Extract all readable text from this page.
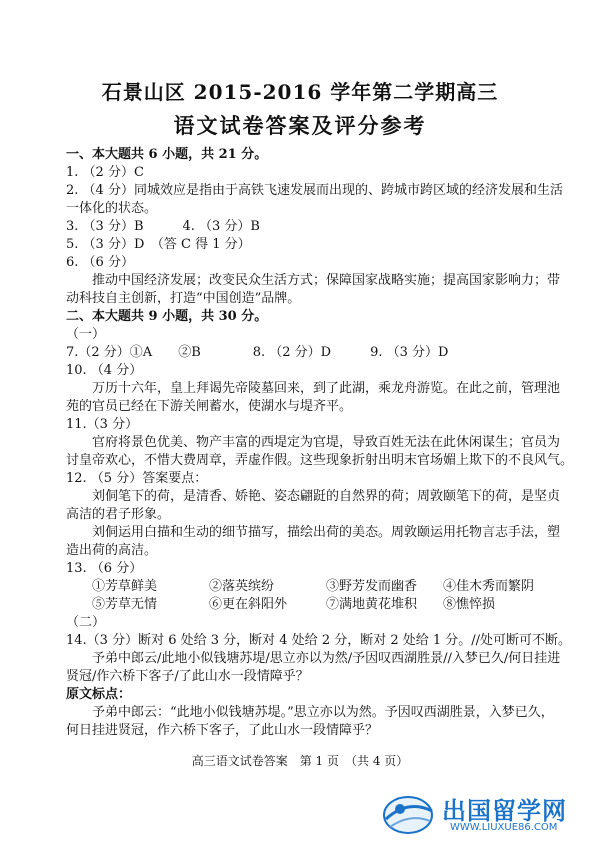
石景山区 2015-2016 学年第二学期高三
语文试卷答案及评分参考
一、本大题共 6 小题，共 21 分。
1. （2 分）C
2. （4 分）同城效应是指由于高铁飞速发展而出现的、跨城市跨区域的经济发展和生活
一体化的状态。
3. （3 分）B　　　4. （3 分）B
5. （3 分）D　（答 C 得 1 分）
6. （6 分）
推动中国经济发展；改变民众生活方式；保障国家战略实施；提高国家影响力；带
动科技自主创新，打造“中国创造”品牌。
二、本大题共 9 小题，共 30 分。
（一）
7.（2 分）①A　　②B　　　　8. （2 分）D　　　9. （3 分）D
10. （4 分）
万历十六年，皇上拜谒先帝陵墓回来，到了此湖，乘龙舟游览。在此之前，管理池
苑的官员已经在下游关闸蓄水，使湖水与堤齐平。
11.（3 分）
官府将景色优美、物产丰富的西堤定为官堤，导致百姓无法在此休闲谋生；官员为
讨皇帝欢心，不惜大费周章，弄虚作假。这些现象折射出明末官场媚上欺下的不良风气。
12. （5 分）答案要点：
刘侗笔下的荷，是清香、娇艳、姿态翩跹的自然界的荷；周敦颐笔下的荷，是坚贞
高洁的君子形象。
刘侗运用白描和生动的细节描写，描绘出荷的美态。周敦颐运用托物言志手法，塑
造出荷的高洁。
13. （6 分）
①芳草鲜美	②落英缤纷	③野芳发而幽香	④佳木秀而繁阴
⑤芳草无情	⑥更在斜阳外	⑦满地黄花堆积	⑧憔悴损
（二）
14.（3 分）断对 6 处给 3 分，断对 4 处给 2 分，断对 2 处给 1 分。//处可断可不断。
予弟中郎云/此地小似钱塘苏堤/思立亦以为然/予因叹西湖胜景//入梦已久/何日挂进
贤冠/作六桥下客子/了此山水一段情障乎？
原文标点：
予弟中郎云：“此地小似钱塘苏堤。”思立亦以为然。予因叹西湖胜景，入梦已久，
何日挂进贤冠，作六桥下客子，了此山水一段情障乎？
高三语文试卷答案　第 1 页　（共 4 页）
出国留学网
WWW.LIUXUE86.COM
